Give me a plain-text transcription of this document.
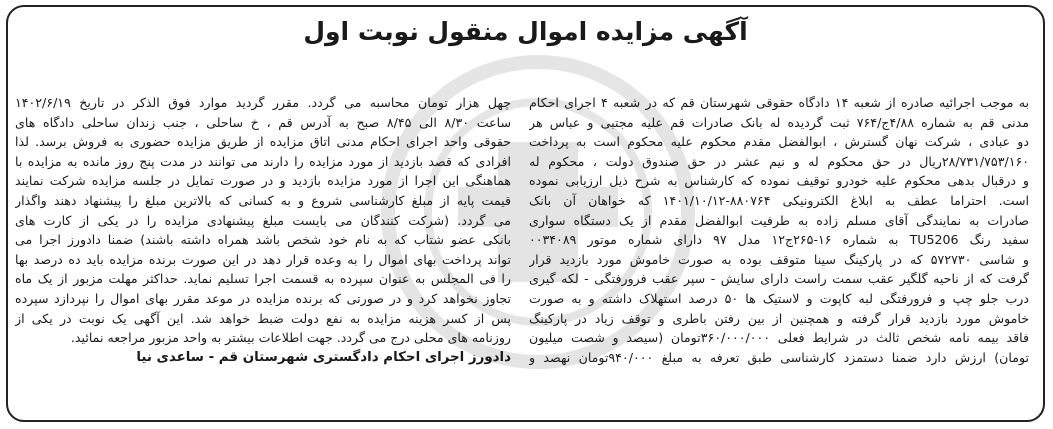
آگهی مزایده اموال منقول نوبت اول
به موجب اجرائیه صادره از شعبه ۱۴ دادگاه حقوقی شهرستان قم که در شعبه ۴ اجرای احکام
مدنی قم به شماره ۴/۸۸ج/۷۶۴ ثبت گردیده له بانک صادرات قم علیه مجتبی و عباس هر
دو عبادی ، شرکت نهان گسترش ، ابوالفضل مقدم محکوم علیه محکوم است به پرداخت
۲۸/۷۳۱/۷۵۳/۱۶۰ریال در حق محکوم له و نیم عشر در حق صندوق دولت ، محکوم له
و درقبال بدهی محکوم علیه خودرو توقیف نموده که کارشناس به شرح ذیل ارزیابی نموده
است. احتراما عطف به ابلاغ الکترونیکی ۸۸۰۷۶۴-۱۴۰۱/۱۰/۱۲ که خواهان آن بانک
صادرات به نمایندگی آقای مسلم زاده به طرفیت ابوالفضل مقدم از یک دستگاه سواری
سفید رنگ TU5206 به شماره ۱۶-۲۶۵ج۱۲ مدل ۹۷ دارای شماره موتور ۰۰۳۴۰۸۹
و شاسی ۵۷۲۷۳۰ که در پارکینگ سینا متوقف بوده به صورت خاموش مورد بازدید قرار
گرفت که از ناحیه گلگیر عقب سمت راست دارای سایش - سپر عقب فرورفتگی - لکه گیری
درب جلو چپ و فرورفتگی لبه کاپوت و لاستیک ها ۵۰ درصد استهلاک داشته و به صورت
خاموش مورد بازدید قرار گرفته و همچنین از بین رفتن باطری و توقف زیاد در پارکینگ
فاقد بیمه نامه شخص ثالث در شرایط فعلی ۳۶۰/۰۰۰/۰۰۰تومان (سیصد و شصت میلیون
تومان) ارزش دارد ضمنا دستمزد کارشناسی طبق تعرفه به مبلغ ۹۴۰/۰۰۰تومان نهصد و
چهل هزار تومان محاسبه می گردد. مقرر گردید موارد فوق الذکر در تاریخ ۱۴۰۲/۶/۱۹
ساعت ۸/۳۰ الی ۸/۴۵ صبح به آدرس قم ، خ ساحلی ، جنب زندان ساحلی دادگاه های
حقوقی واحد اجرای احکام مدنی اتاق مزایده از طریق مزایده حضوری به فروش برسد. لذا
افرادی که قصد بازدید از مورد مزایده را دارند می توانند در مدت پنج روز مانده به مزایده با
هماهنگی این اجرا از مورد مزایده بازدید و در صورت تمایل در جلسه مزایده شرکت نمایند
قیمت پایه از مبلغ کارشناسی شروع و به کسانی که بالاترین مبلغ را پیشنهاد دهند واگذار
می گردد. (شرکت کنندگان می بایست مبلغ پیشنهادی مزایده را در یکی از کارت های
بانکی عضو شتاب که به نام خود شخص باشد همراه داشته باشند) ضمنا دادورز اجرا می
تواند پرداخت بهای اموال را به وعده قرار دهد در این صورت برنده مزایده باید ده درصد بها
را فی المجلس به عنوان سپرده به قسمت اجرا تسلیم نماید. حداکثر مهلت مزبور از یک ماه
تجاوز نخواهد کرد و در صورتی که برنده مزایده در موعد مقرر بهای اموال را نپردازد سپرده
پس از کسر هزینه مزایده به نفع دولت ضبط خواهد شد. این آگهی یک نوبت در یکی از
روزنامه های محلی درج می گردد. جهت اطلاعات بیشتر به واحد مزبور مراجعه نمائید.
دادورز اجرای احکام دادگستری شهرستان قم - ساعدی نیا
